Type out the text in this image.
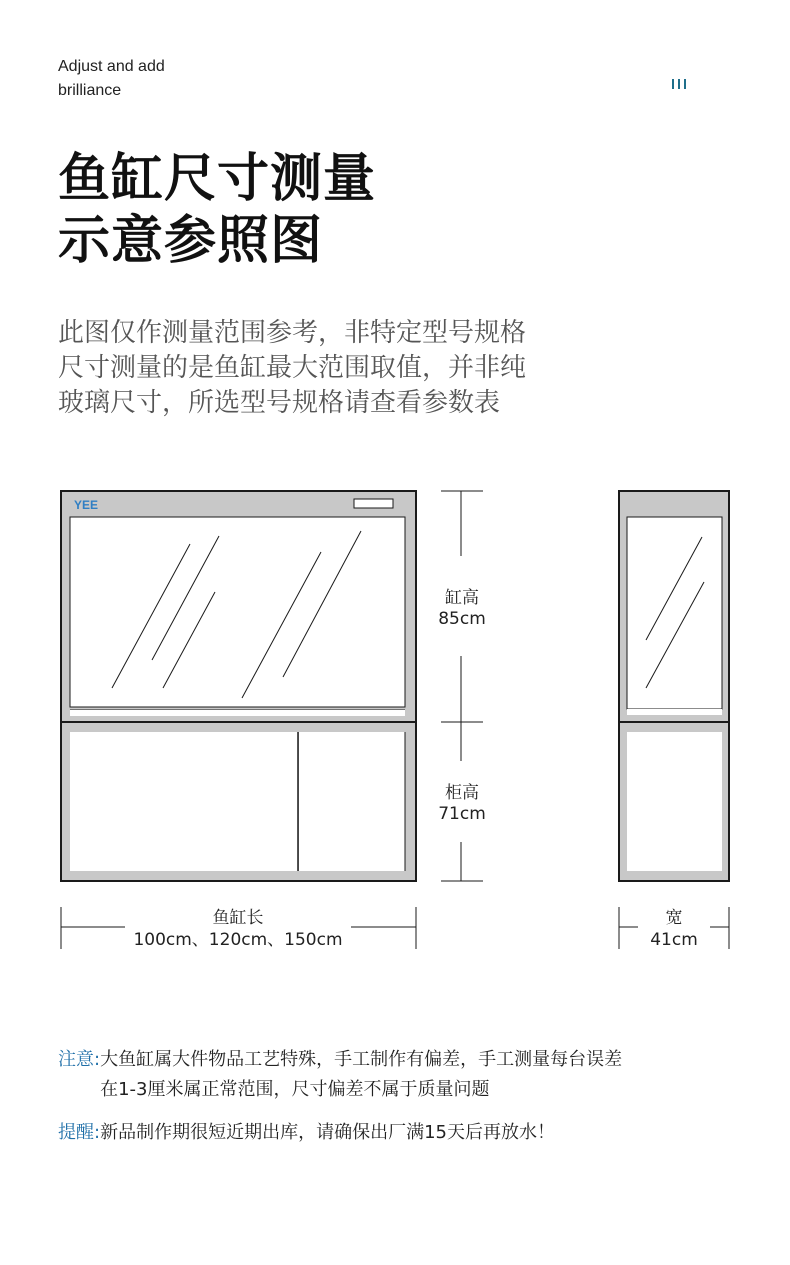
Adjust and add
brilliance
鱼缸尺寸测量
示意参照图
此图仅作测量范围参考，非特定型号规格
尺寸测量的是鱼缸最大范围取值，并非纯
玻璃尺寸，所选型号规格请查看参数表
YEE
缸高
85cm
柜高
71cm
鱼缸长
100cm、120cm、150cm
宽
41cm
注意: 大鱼缸属大件物品工艺特殊，手工制作有偏差，手工测量每台误差
在1-3厘米属正常范围，尺寸偏差不属于质量问题
提醒: 新品制作期很短近期出库，请确保出厂满15天后再放水！
